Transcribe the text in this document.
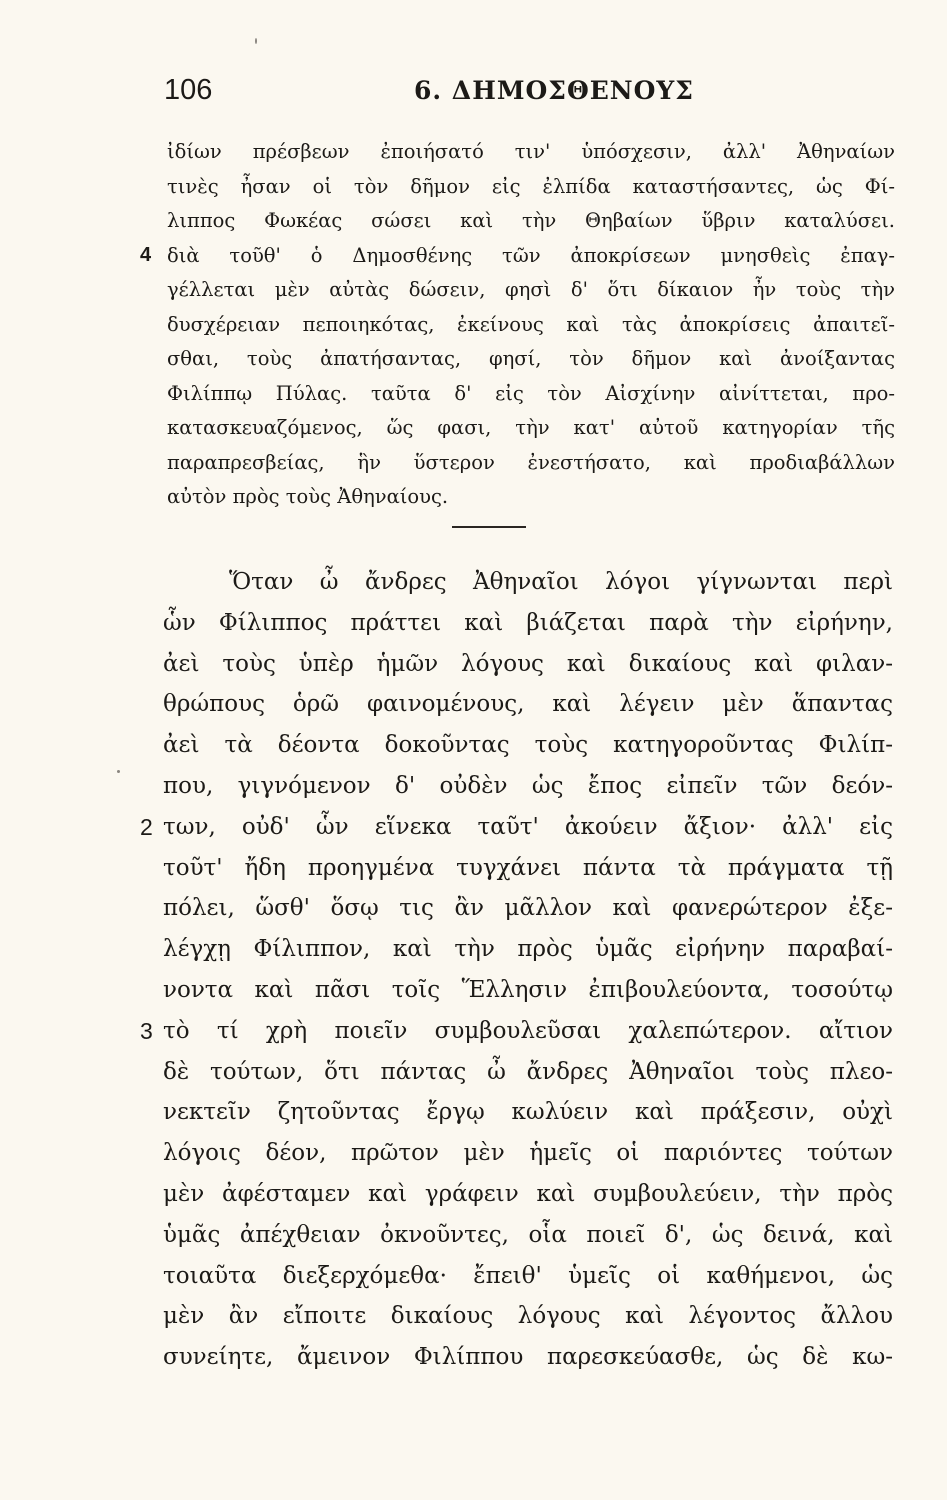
106	6. ΔΗΜΟΣΘΕΝΟΥΣ
ἰδίων πρέσβεων ἐποιήσατό τιν' ὑπόσχεσιν, ἀλλ' Ἀθηναίων
τινὲς ἦσαν οἱ τὸν δῆμον εἰς ἐλπίδα καταστήσαντες, ὡς Φί-
λιππος Φωκέας σώσει καὶ τὴν Θηβαίων ὕβριν καταλύσει.
διὰ τοῦθ' ὁ Δημοσθένης τῶν ἀποκρίσεων μνησθεὶς ἐπαγ-
γέλλεται μὲν αὐτὰς δώσειν, φησὶ δ' ὅτι δίκαιον ἦν τοὺς τὴν
δυσχέρειαν πεποιηκότας, ἐκείνους καὶ τὰς ἀποκρίσεις ἀπαιτεῖ-
σθαι, τοὺς ἀπατήσαντας, φησί, τὸν δῆμον καὶ ἀνοίξαντας
Φιλίππῳ Πύλας. ταῦτα δ' εἰς τὸν Αἰσχίνην αἰνίττεται, προ-
κατασκευαζόμενος, ὥς φασι, τὴν κατ' αὐτοῦ κατηγορίαν τῆς
παραπρεσβείας, ἣν ὕστερον ἐνεστήσατο, καὶ προδιαβάλλων
αὐτὸν πρὸς τοὺς Ἀθηναίους.
4
Ὅταν ὦ ἄνδρες Ἀθηναῖοι λόγοι γίγνωνται περὶ
ὧν Φίλιππος πράττει καὶ βιάζεται παρὰ τὴν εἰρήνην,
ἀεὶ τοὺς ὑπὲρ ἡμῶν λόγους καὶ δικαίους καὶ φιλαν-
θρώπους ὁρῶ φαινομένους, καὶ λέγειν μὲν ἅπαντας
ἀεὶ τὰ δέοντα δοκοῦντας τοὺς κατηγοροῦντας Φιλίπ-
που, γιγνόμενον δ' οὐδὲν ὡς ἔπος εἰπεῖν τῶν δεόν-
των, οὐδ' ὧν εἵνεκα ταῦτ' ἀκούειν ἄξιον· ἀλλ' εἰς
τοῦτ' ἤδη προηγμένα τυγχάνει πάντα τὰ πράγματα τῇ
πόλει, ὥσθ' ὅσῳ τις ἂν μᾶλλον καὶ φανερώτερον ἐξε-
λέγχῃ Φίλιππον, καὶ τὴν πρὸς ὑμᾶς εἰρήνην παραβαί-
νοντα καὶ πᾶσι τοῖς Ἕλλησιν ἐπιβουλεύοντα, τοσούτῳ
τὸ τί χρὴ ποιεῖν συμβουλεῦσαι χαλεπώτερον. αἴτιον
δὲ τούτων, ὅτι πάντας ὦ ἄνδρες Ἀθηναῖοι τοὺς πλεο-
νεκτεῖν ζητοῦντας ἔργῳ κωλύειν καὶ πράξεσιν, οὐχὶ
λόγοις δέον, πρῶτον μὲν ἡμεῖς οἱ παριόντες τούτων
μὲν ἀφέσταμεν καὶ γράφειν καὶ συμβουλεύειν, τὴν πρὸς
ὑμᾶς ἀπέχθειαν ὀκνοῦντες, οἷα ποιεῖ δ', ὡς δεινά, καὶ
τοιαῦτα διεξερχόμεθα· ἔπειθ' ὑμεῖς οἱ καθήμενοι, ὡς
μὲν ἂν εἴποιτε δικαίους λόγους καὶ λέγοντος ἄλλου
συνείητε, ἄμεινον Φιλίππου παρεσκεύασθε, ὡς δὲ κω-
2
3
